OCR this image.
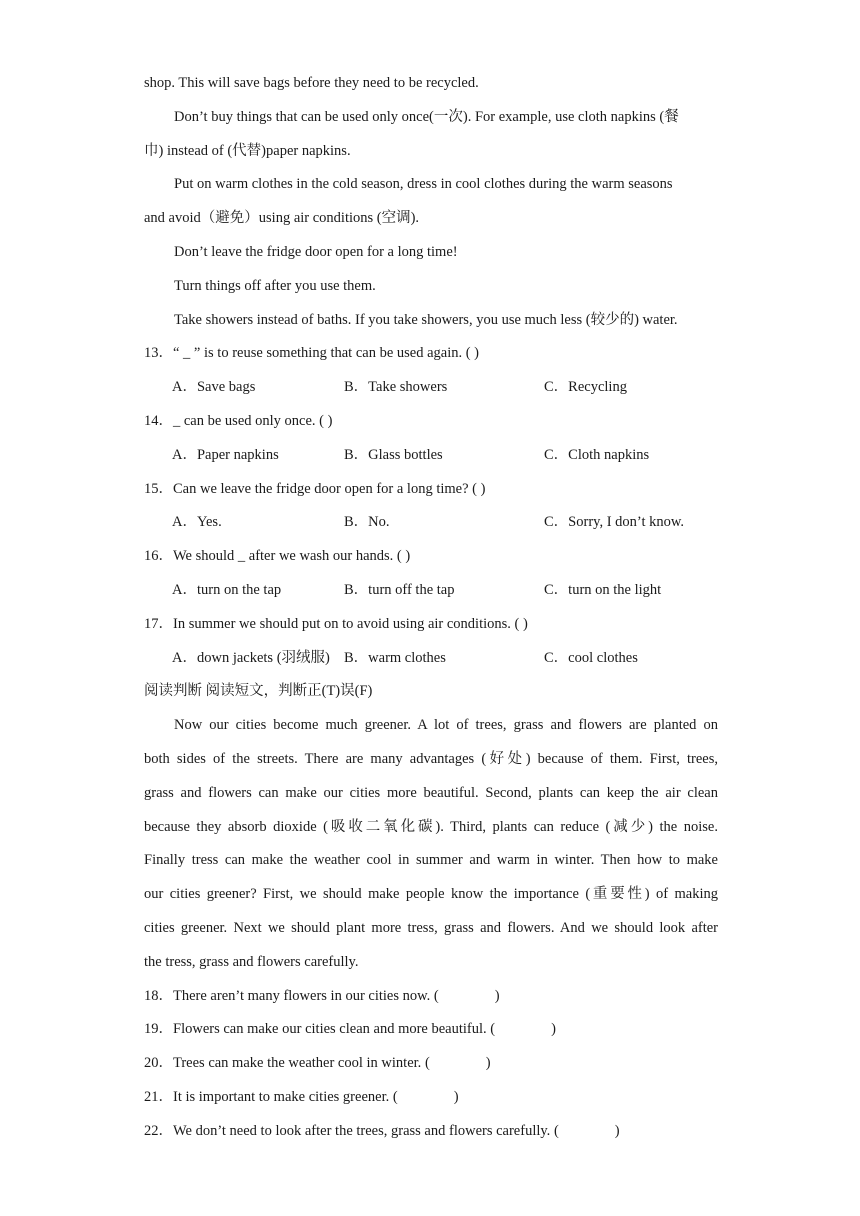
shop. This will save bags before they need to be recycled.
Don’t buy things that can be used only once(一次). For example, use cloth napkins (餐
巾) instead of (代替)paper napkins.
Put on warm clothes in the cold season, dress in cool clothes during the warm seasons
and avoid（避免）using air conditions (空调).
Don’t leave the fridge door open for a long time!
Turn things off after you use them.
Take showers instead of baths. If you take showers, you use much less (较少的) water.
13．“ _ ” is to reuse something that can be used again. ( )
A．Save bags	B．Take showers	C．Recycling
14．_ can be used only once. ( )
A．Paper napkins	B．Glass bottles	C．Cloth napkins
15．Can we leave the fridge door open for a long time? ( )
A．Yes.	B．No.	C．Sorry, I don’t know.
16．We should _ after we wash our hands. ( )
A．turn on the tap	B．turn off the tap	C．turn on the light
17．In summer we should put on to avoid using air conditions. ( )
A．down jackets (羽绒服) B．warm clothes	C．cool clothes
阅读判断 阅读短文，判断正(T)误(F)
Now our cities become much greener. A lot of trees, grass and flowers are planted on
both sides of the streets. There are many advantages (好处) because of them. First, trees,
grass and flowers can make our cities more beautiful. Second, plants can keep the air clean
because they absorb dioxide (吸收二氧化碳). Third, plants can reduce (减少) the noise.
Finally tress can make the weather cool in summer and warm in winter. Then how to make
our cities greener? First, we should make people know the importance (重要性) of making
cities greener. Next we should plant more tress, grass and flowers. And we should look after
the tress, grass and flowers carefully.
18．There aren’t many flowers in our cities now. (	)
19．Flowers can make our cities clean and more beautiful. (	)
20．Trees can make the weather cool in winter. (	)
21．It is important to make cities greener. (	)
22．We don’t need to look after the trees, grass and flowers carefully. (	)
